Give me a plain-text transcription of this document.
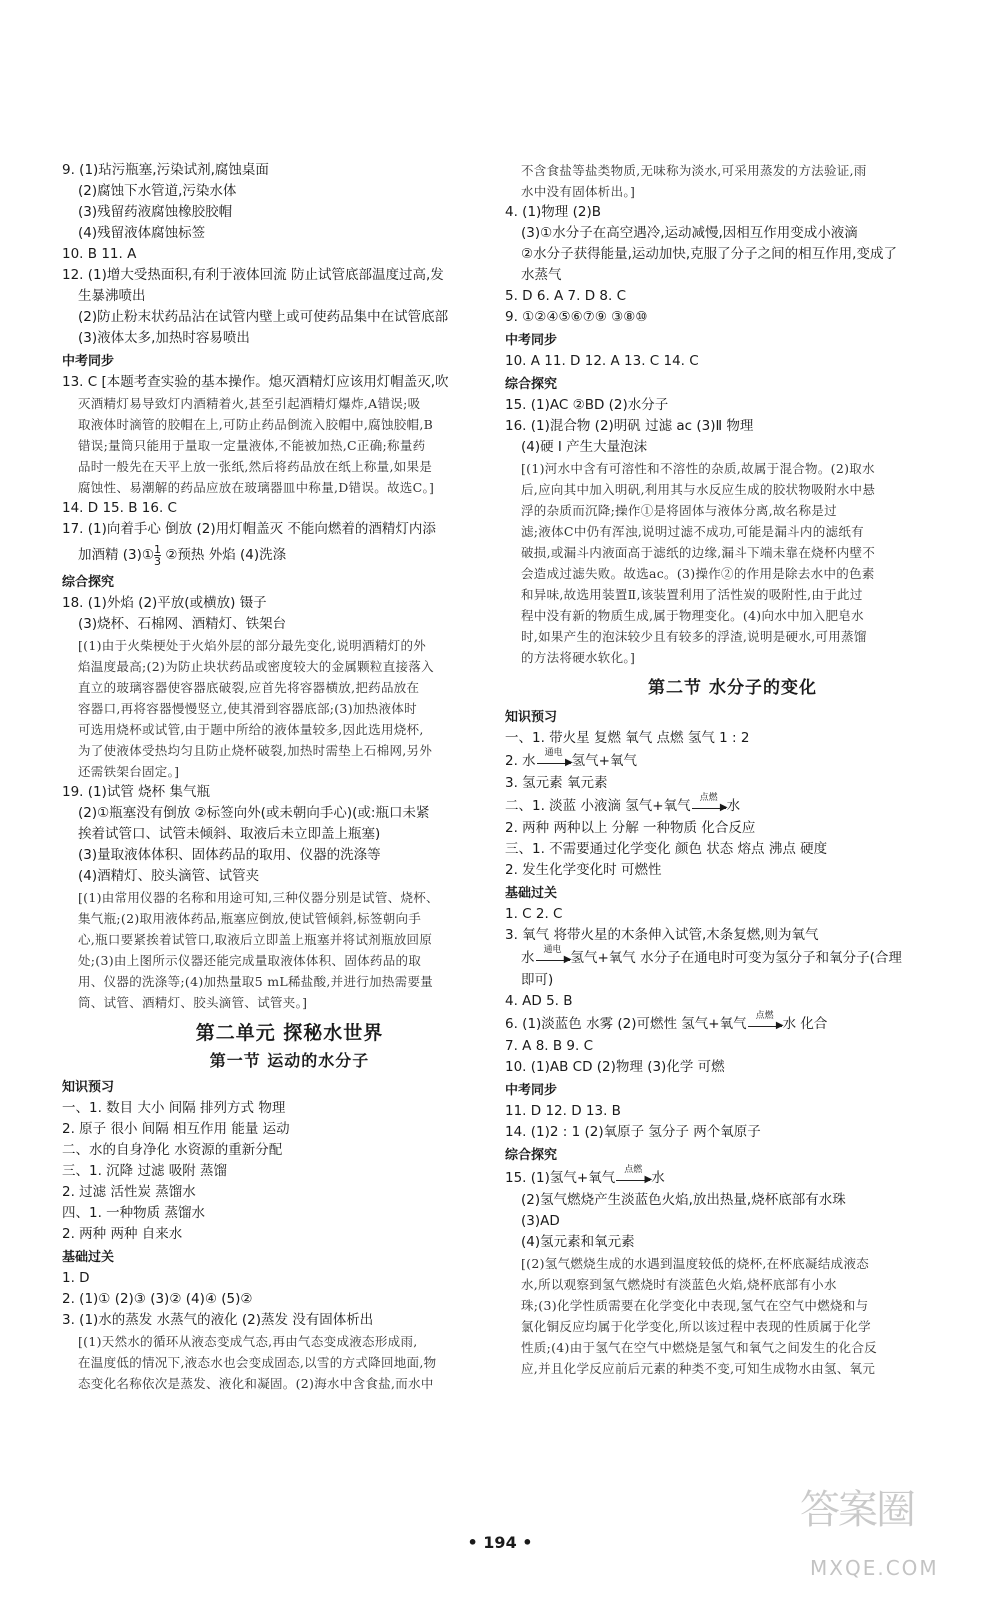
9. (1)玷污瓶塞,污染试剂,腐蚀桌面
(2)腐蚀下水管道,污染水体
(3)残留药液腐蚀橡胶胶帽
(4)残留液体腐蚀标签
10. B 11. A
12. (1)增大受热面积,有利于液体回流 防止试管底部温度过高,发
生暴沸喷出
(2)防止粉末状药品沾在试管内壁上或可使药品集中在试管底部
(3)液体太多,加热时容易喷出
中考同步
13. C [本题考查实验的基本操作。熄灭酒精灯应该用灯帽盖灭,吹
灭酒精灯易导致灯内酒精着火,甚至引起酒精灯爆炸,A错误;吸
取液体时滴管的胶帽在上,可防止药品倒流入胶帽中,腐蚀胶帽,B
错误;量筒只能用于量取一定量液体,不能被加热,C正确;称量药
品时一般先在天平上放一张纸,然后将药品放在纸上称量,如果是
腐蚀性、易潮解的药品应放在玻璃器皿中称量,D错误。故选C。]
14. D 15. B 16. C
17. (1)向着手心 倒放 (2)用灯帽盖灭 不能向燃着的酒精灯内添
加酒精 (3)① $\frac{1}{3}$ ②预热 外焰 (4)洗涤
综合探究
18. (1)外焰 (2)平放(或横放) 镊子
(3)烧杯、石棉网、酒精灯、铁架台
[(1)由于火柴梗处于火焰外层的部分最先变化,说明酒精灯的外
焰温度最高;(2)为防止块状药品或密度较大的金属颗粒直接落入
直立的玻璃容器使容器底破裂,应首先将容器横放,把药品放在
容器口,再将容器慢慢竖立,使其滑到容器底部;(3)加热液体时
可选用烧杯或试管,由于题中所给的液体量较多,因此选用烧杯,
为了使液体受热均匀且防止烧杯破裂,加热时需垫上石棉网,另外
还需铁架台固定。]
19. (1)试管 烧杯 集气瓶
(2)①瓶塞没有倒放 ②标签向外(或未朝向手心)(或:瓶口未紧
挨着试管口、试管未倾斜、取液后未立即盖上瓶塞)
(3)量取液体体积、固体药品的取用、仪器的洗涤等
(4)酒精灯、胶头滴管、试管夹
[(1)由常用仪器的名称和用途可知,三种仪器分别是试管、烧杯、
集气瓶;(2)取用液体药品,瓶塞应倒放,使试管倾斜,标签朝向手
心,瓶口要紧挨着试管口,取液后立即盖上瓶塞并将试剂瓶放回原
处;(3)由上图所示仪器还能完成量取液体体积、固体药品的取
用、仪器的洗涤等;(4)加热量取5 mL稀盐酸,并进行加热需要量
筒、试管、酒精灯、胶头滴管、试管夹。]
第二单元 探秘水世界
第一节 运动的水分子
知识预习
一、1. 数目 大小 间隔 排列方式 物理
2. 原子 很小 间隔 相互作用 能量 运动
二、水的自身净化 水资源的重新分配
三、1. 沉降 过滤 吸附 蒸馏
2. 过滤 活性炭 蒸馏水
四、1. 一种物质 蒸馏水
2. 两种 两种 自来水
基础过关
1. D
2. (1)① (2)③ (3)② (4)④ (5)②
3. (1)水的蒸发 水蒸气的液化 (2)蒸发 没有固体析出
[(1)天然水的循环从液态变成气态,再由气态变成液态形成雨,
在温度低的情况下,液态水也会变成固态,以雪的方式降回地面,物
态变化名称依次是蒸发、液化和凝固。(2)海水中含食盐,而水中
不含食盐等盐类物质,无味称为淡水,可采用蒸发的方法验证,雨
水中没有固体析出。]
4. (1)物理 (2)B
(3)①水分子在高空遇冷,运动减慢,因相互作用变成小液滴
②水分子获得能量,运动加快,克服了分子之间的相互作用,变成了
水蒸气
5. D 6. A 7. D 8. C
9. ①②④⑤⑥⑦⑨ ③⑧⑩
中考同步
10. A 11. D 12. A 13. C 14. C
综合探究
15. (1)AC ②BD (2)水分子
16. (1)混合物 (2)明矾 过滤 ac (3)Ⅱ 物理
(4)硬 Ⅰ 产生大量泡沫
[(1)河水中含有可溶性和不溶性的杂质,故属于混合物。(2)取水
后,应向其中加入明矾,利用其与水反应生成的胶状物吸附水中悬
浮的杂质而沉降;操作①是将固体与液体分离,故名称是过
滤;液体C中仍有浑浊,说明过滤不成功,可能是漏斗内的滤纸有
破损,或漏斗内液面高于滤纸的边缘,漏斗下端未靠在烧杯内壁不
会造成过滤失败。故选ac。(3)操作②的作用是除去水中的色素
和异味,故选用装置Ⅱ,该装置利用了活性炭的吸附性,由于此过
程中没有新的物质生成,属于物理变化。(4)向水中加入肥皂水
时,如果产生的泡沫较少且有较多的浮渣,说明是硬水,可用蒸馏
的方法将硬水软化。]
第二节 水分子的变化
知识预习
一、1. 带火星 复燃 氧气 点燃 氢气 1 : 2
2. 水 通电
▶ 氢气+氧气
3. 氢元素 氧元素
二、1. 淡蓝 小液滴 氢气+氧气 点燃
▶ 水
2. 两种 两种以上 分解 一种物质 化合反应
三、1. 不需要通过化学变化 颜色 状态 熔点 沸点 硬度
2. 发生化学变化时 可燃性
基础过关
1. C 2. C
3. 氧气 将带火星的木条伸入试管,木条复燃,则为氧气
水 通电
▶ 氢气+氧气 水分子在通电时可变为氢分子和氧分子(合理
即可)
4. AD 5. B
6. (1)淡蓝色 水雾 (2)可燃性 氢气+氧气 点燃
▶ 水 化合
7. A 8. B 9. C
10. (1)AB CD (2)物理 (3)化学 可燃
中考同步
11. D 12. D 13. B
14. (1)2 : 1 (2)氧原子 氢分子 两个氧原子
综合探究
15. (1)氢气+氧气 点燃
▶ 水
(2)氢气燃烧产生淡蓝色火焰,放出热量,烧杯底部有水珠
(3)AD
(4)氢元素和氧元素
[(2)氢气燃烧生成的水遇到温度较低的烧杯,在杯底凝结成液态
水,所以观察到氢气燃烧时有淡蓝色火焰,烧杯底部有小水
珠;(3)化学性质需要在化学变化中表现,氢气在空气中燃烧和与
氯化铜反应均属于化学变化,所以该过程中表现的性质属于化学
性质;(4)由于氢气在空气中燃烧是氢气和氧气之间发生的化合反
应,并且化学反应前后元素的种类不变,可知生成物水由氢、氧元
• 194 •
答案圈
MXQE.COM
